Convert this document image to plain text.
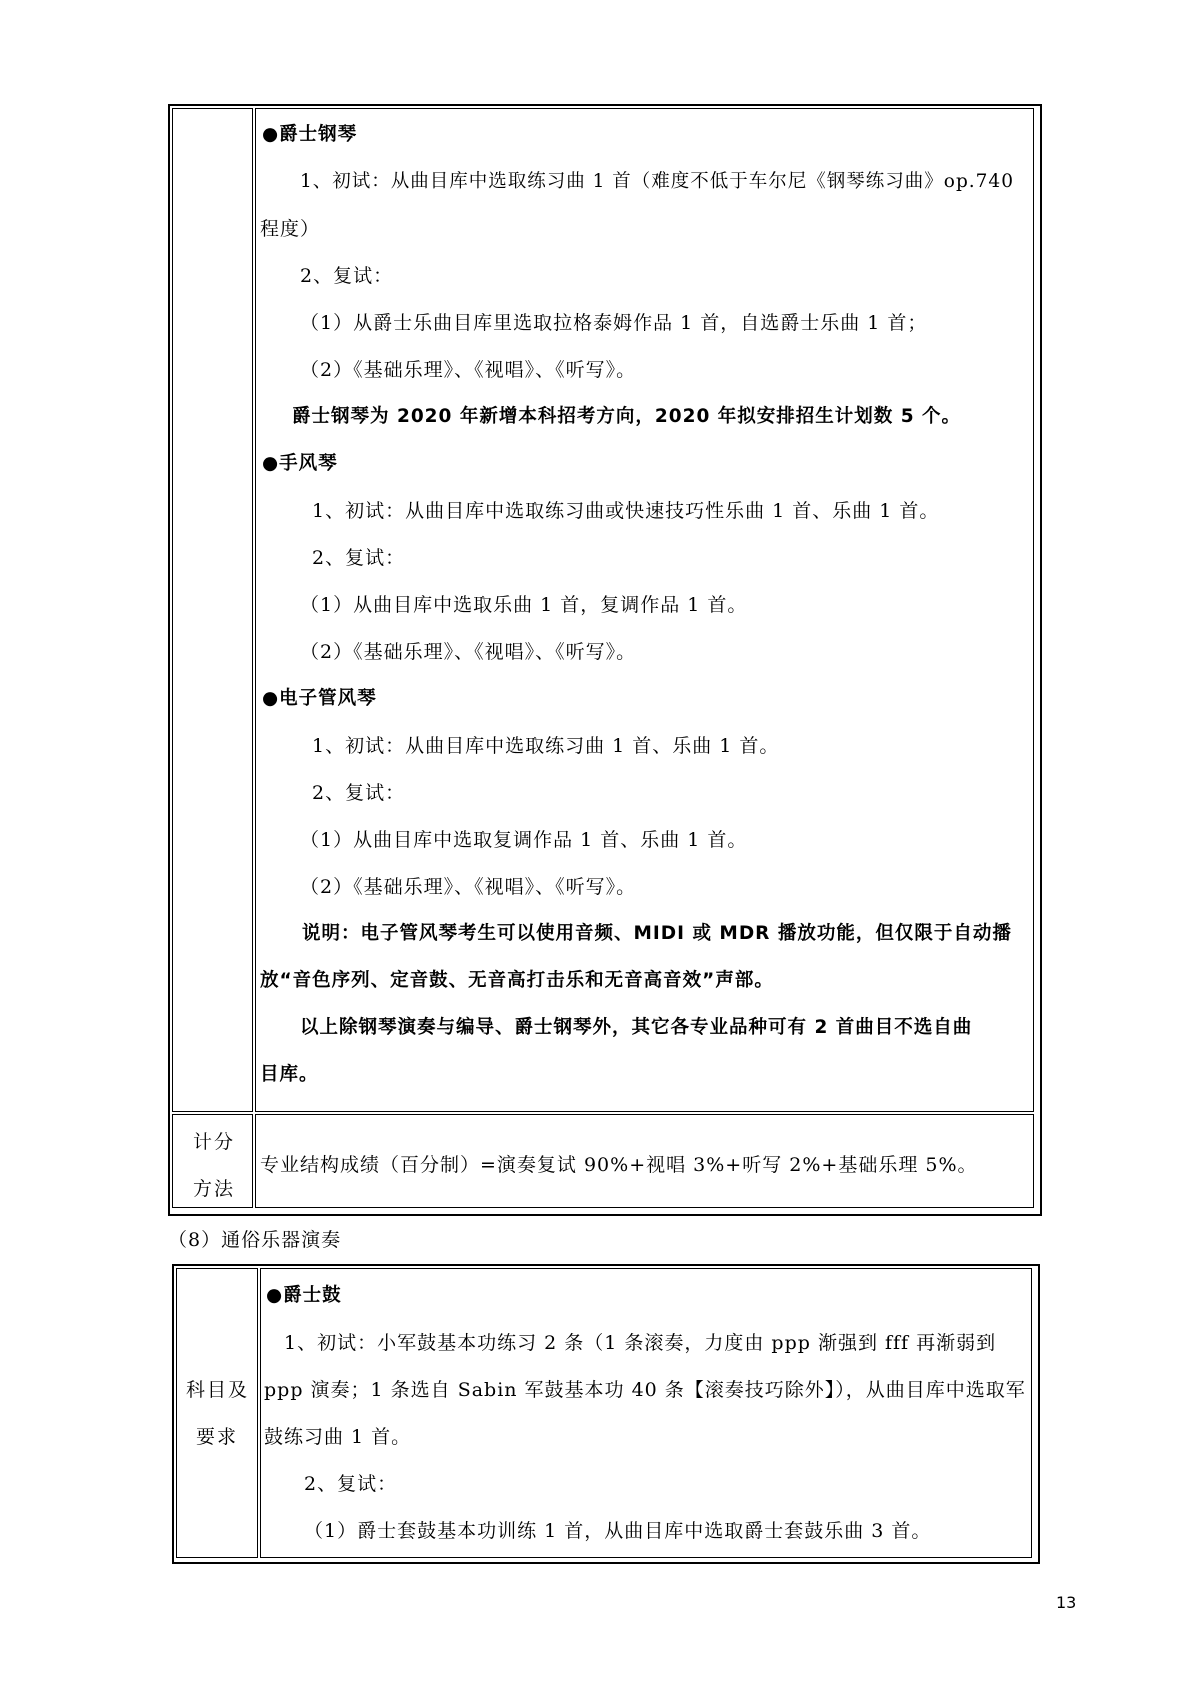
●爵士钢琴
1、初试：从曲目库中选取练习曲 1 首（难度不低于车尔尼《钢琴练习曲》op.740
程度）
2、复试：
（1）从爵士乐曲目库里选取拉格泰姆作品 1 首，自选爵士乐曲 1 首；
（2）《基础乐理》、《视唱》、《听写》。
爵士钢琴为 2020 年新增本科招考方向，2020 年拟安排招生计划数 5 个。
●手风琴
1、初试：从曲目库中选取练习曲或快速技巧性乐曲 1 首、乐曲 1 首。
2、复试：
（1）从曲目库中选取乐曲 1 首，复调作品 1 首。
（2）《基础乐理》、《视唱》、《听写》。
●电子管风琴
1、初试：从曲目库中选取练习曲 1 首、乐曲 1 首。
2、复试：
（1）从曲目库中选取复调作品 1 首、乐曲 1 首。
（2）《基础乐理》、《视唱》、《听写》。
说明：电子管风琴考生可以使用音频、MIDI 或 MDR 播放功能，但仅限于自动播
放“音色序列、定音鼓、无音高打击乐和无音高音效”声部。
以上除钢琴演奏与编导、爵士钢琴外，其它各专业品种可有 2 首曲目不选自曲
目库。
计分
方法
专业结构成绩（百分制）=演奏复试 90%+视唱 3%+听写 2%+基础乐理 5%。
（8）通俗乐器演奏
科目及
要求
●爵士鼓
1、初试：小军鼓基本功练习 2 条（1 条滚奏，力度由 ppp 渐强到 fff 再渐弱到
ppp 演奏；1 条选自 Sabin 军鼓基本功 40 条【滚奏技巧除外】），从曲目库中选取军
鼓练习曲 1 首。
2、复试：
（1）爵士套鼓基本功训练 1 首，从曲目库中选取爵士套鼓乐曲 3 首。
13
